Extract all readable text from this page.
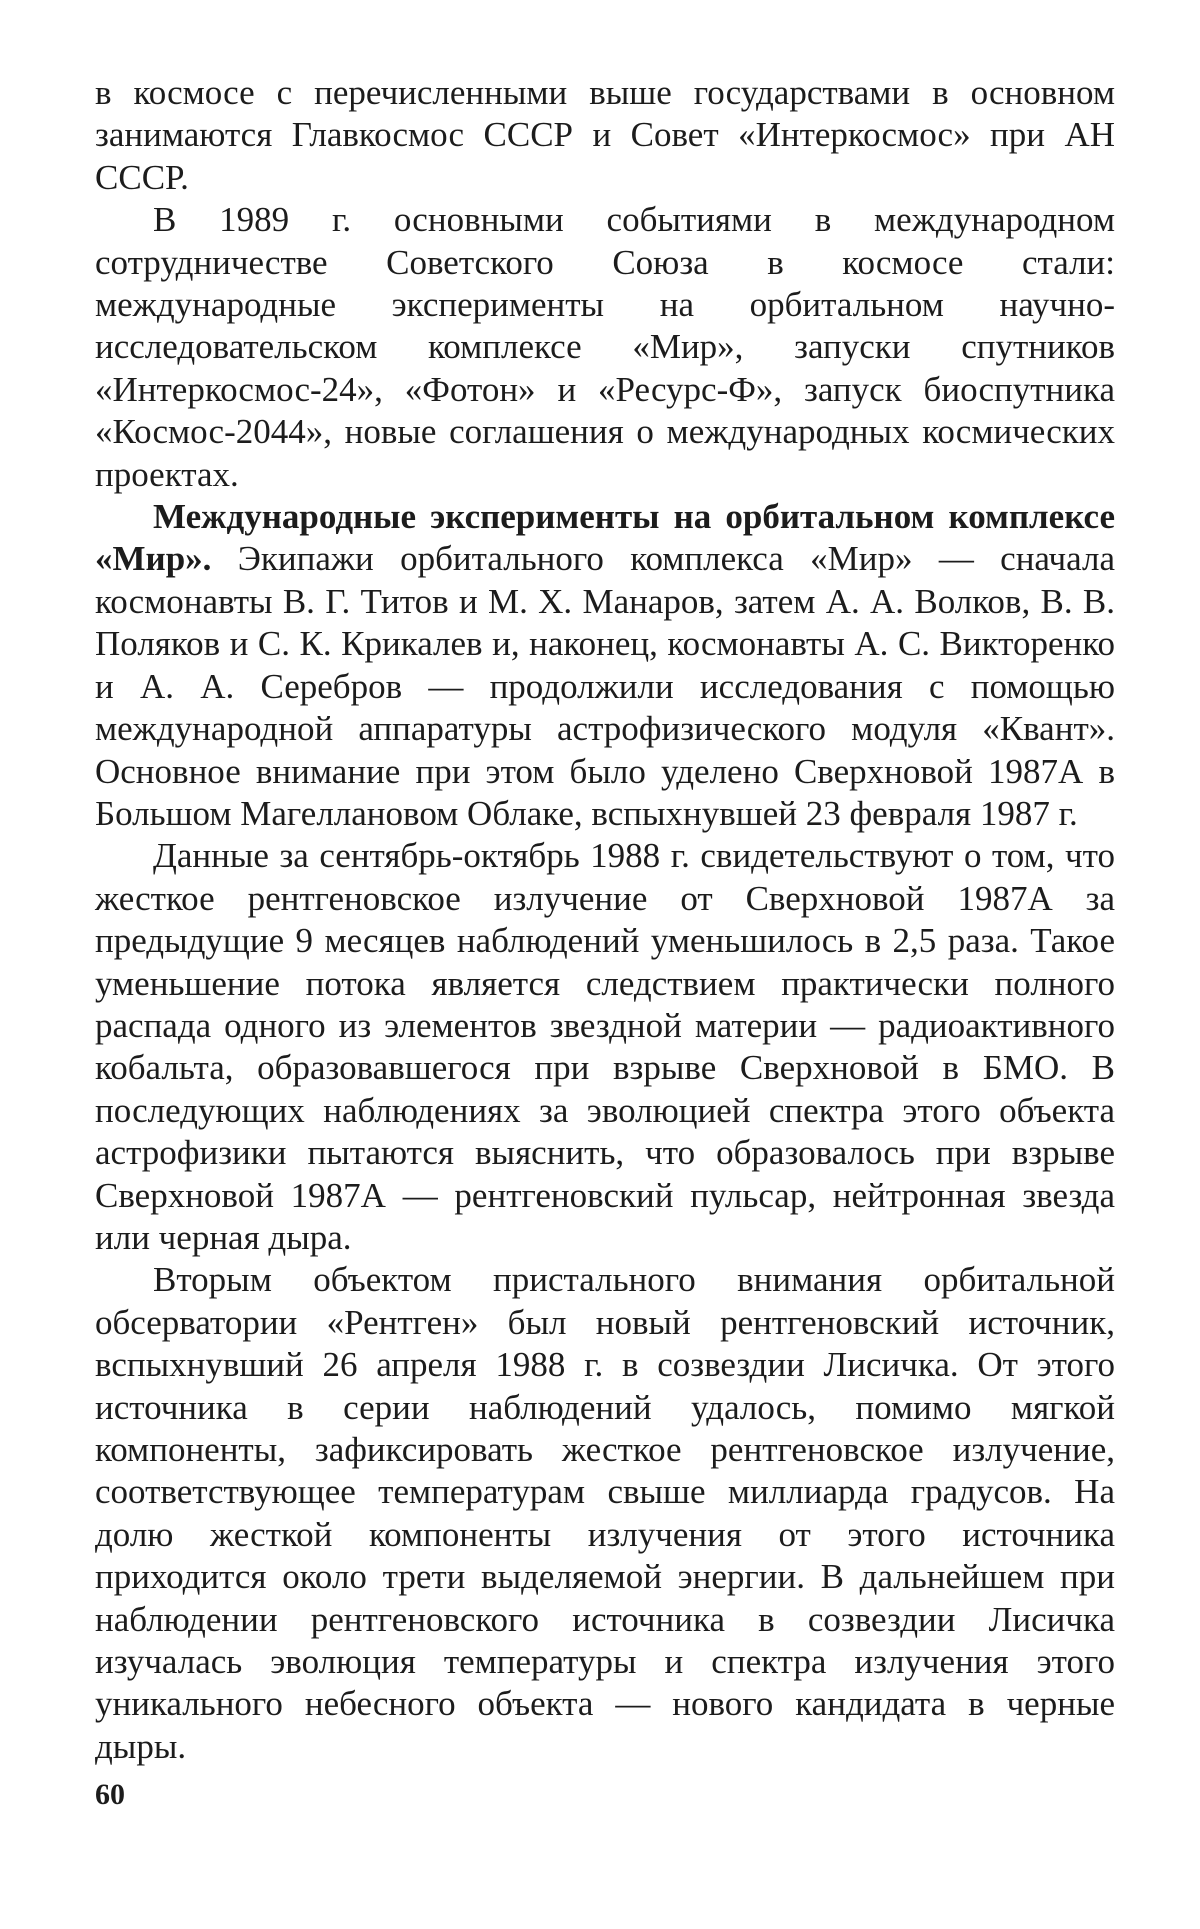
в космосе с перечисленными выше государствами в основном занимаются Главкосмос СССР и Совет «Интеркосмос» при АН СССР.

В 1989 г. основными событиями в международном сотрудничестве Советского Союза в космосе стали: международные эксперименты на орбитальном научно-исследовательском комплексе «Мир», запуски спутников «Интеркосмос-24», «Фотон» и «Ресурс-Ф», запуск биоспутника «Космос-2044», новые соглашения о международных космических проектах.

Международные эксперименты на орбитальном комплексе «Мир». Экипажи орбитального комплекса «Мир» — сначала космонавты В. Г. Титов и М. Х. Манаров, затем А. А. Волков, В. В. Поляков и С. К. Крикалев и, наконец, космонавты А. С. Викторенко и А. А. Серебров — продолжили исследования с помощью международной аппаратуры астрофизического модуля «Квант». Основное внимание при этом было уделено Сверхновой 1987А в Большом Магеллановом Облаке, вспыхнувшей 23 февраля 1987 г.

Данные за сентябрь-октябрь 1988 г. свидетельствуют о том, что жесткое рентгеновское излучение от Сверхновой 1987А за предыдущие 9 месяцев наблюдений уменьшилось в 2,5 раза. Такое уменьшение потока является следствием практически полного распада одного из элементов звездной материи — радиоактивного кобальта, образовавшегося при взрыве Сверхновой в БМО. В последующих наблюдениях за эволюцией спектра этого объекта астрофизики пытаются выяснить, что образовалось при взрыве Сверхновой 1987А — рентгеновский пульсар, нейтронная звезда или черная дыра.

Вторым объектом пристального внимания орбитальной обсерватории «Рентген» был новый рентгеновский источник, вспыхнувший 26 апреля 1988 г. в созвездии Лисичка. От этого источника в серии наблюдений удалось, помимо мягкой компоненты, зафиксировать жесткое рентгеновское излучение, соответствующее температурам свыше миллиарда градусов. На долю жесткой компоненты излучения от этого источника приходится около трети выделяемой энергии. В дальнейшем при наблюдении рентгеновского источника в созвездии Лисичка изучалась эволюция температуры и спектра излучения этого уникального небесного объекта — нового кандидата в черные дыры.

60
